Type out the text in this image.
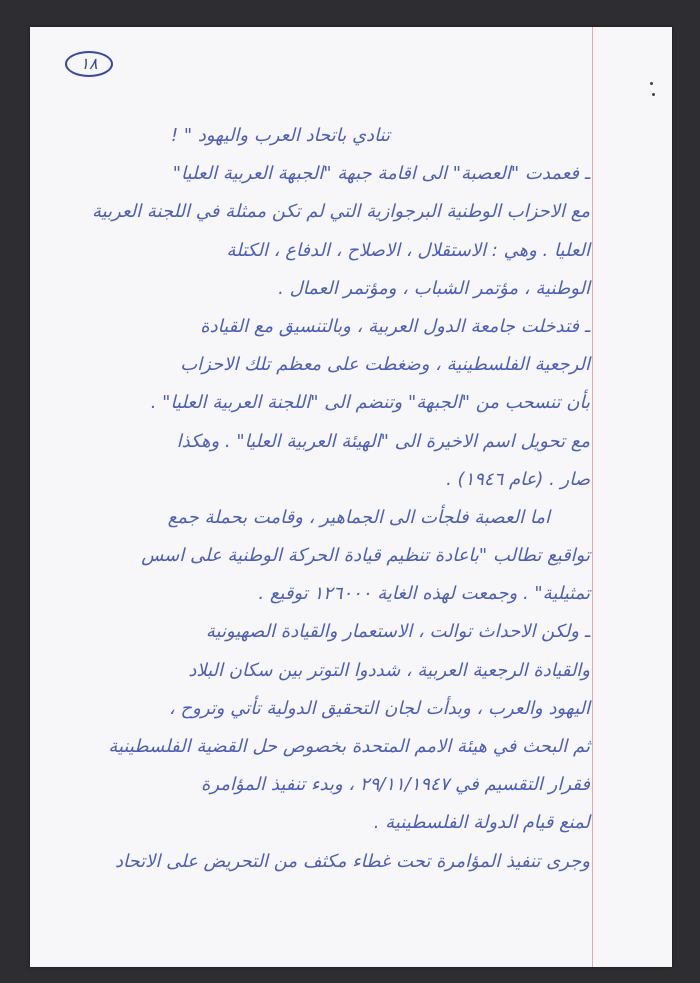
١٨
تنادي باتحاد العرب واليهود " !
ـ فعمدت "العصبة" الى اقامة جبهة "الجبهة العربية العليا"
مع الاحزاب الوطنية البرجوازية التي لم تكن ممثلة في اللجنة العربية
العليا . وهي : الاستقلال ، الاصلاح ، الدفاع ، الكتلة
الوطنية ، مؤتمر الشباب ، ومؤتمر العمال .
ـ فتدخلت جامعة الدول العربية ، وبالتنسيق مع القيادة
الرجعية الفلسطينية ، وضغطت على معظم تلك الاحزاب
بأن تنسحب من "الجبهة" وتنضم الى "اللجنة العربية العليا" .
مع تحويل اسم الاخيرة الى "الهيئة العربية العليا" . وهكذا
صار . (عام ١٩٤٦) .
اما العصبة فلجأت الى الجماهير ، وقامت بحملة جمع
تواقيع تطالب "باعادة تنظيم قيادة الحركة الوطنية على اسس
تمثيلية" . وجمعت لهذه الغاية ١٢٦٠٠٠ توقيع .
ـ ولكن الاحداث توالت ، الاستعمار والقيادة الصهيونية
والقيادة الرجعية العربية ، شددوا التوتر بين سكان البلاد
اليهود والعرب ، وبدأت لجان التحقيق الدولية تأتي وتروح ،
ثم البحث في هيئة الامم المتحدة بخصوص حل القضية الفلسطينية
فقرار التقسيم في ٢٩/١١/١٩٤٧ ، وبدء تنفيذ المؤامرة
لمنع قيام الدولة الفلسطينية .
وجرى تنفيذ المؤامرة تحت غطاء مكثف من التحريض على الاتحاد
